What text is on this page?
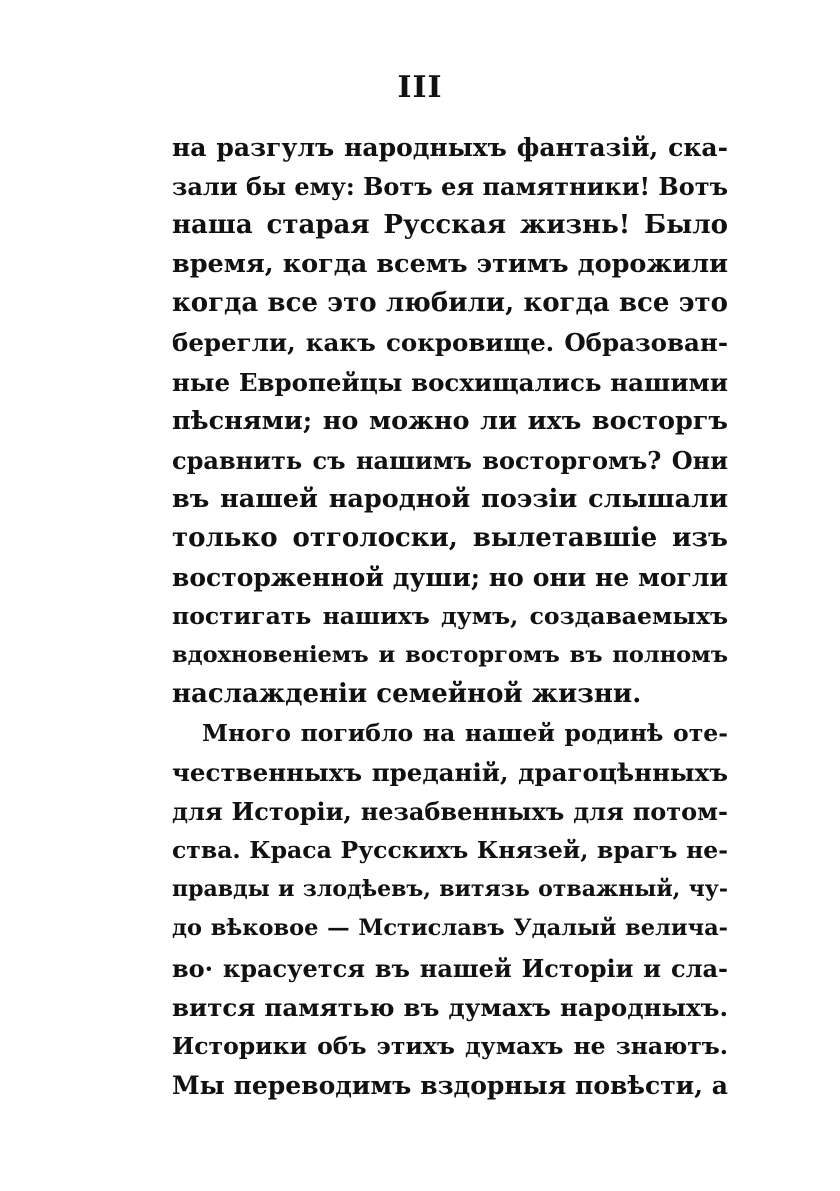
III
на разгулъ народныхъ фантазій, ска-
зали бы ему: Вотъ ея памятники! Вотъ
наша старая Русская жизнь! Было
время, когда всемъ этимъ дорожили
когда все это любили, когда все это
берегли, какъ сокровище. Образован-
ные Европейцы восхищались нашими
пѣснями; но можно ли ихъ восторгъ
сравнить съ нашимъ восторгомъ? Они
въ нашей народной поэзіи слышали
только отголоски, вылетавшіе изъ
восторженной души; но они не могли
постигать нашихъ думъ, создаваемыхъ
вдохновеніемъ и восторгомъ въ полномъ
наслажденіи семейной жизни.
Много погибло на нашей родинѣ оте-
чественныхъ преданій, драгоцѣнныхъ
для Исторіи, незабвенныхъ для потом-
ства. Краса Русскихъ Князей, врагъ не-
правды и злодѣевъ, витязь отважный, чу-
до вѣковое — Мстиславъ Удалый велича-
во· красуется въ нашей Исторіи и сла-
вится памятью въ думахъ народныхъ.
Историки объ этихъ думахъ не знаютъ.
Мы переводимъ вздорныя повѣсти, а
